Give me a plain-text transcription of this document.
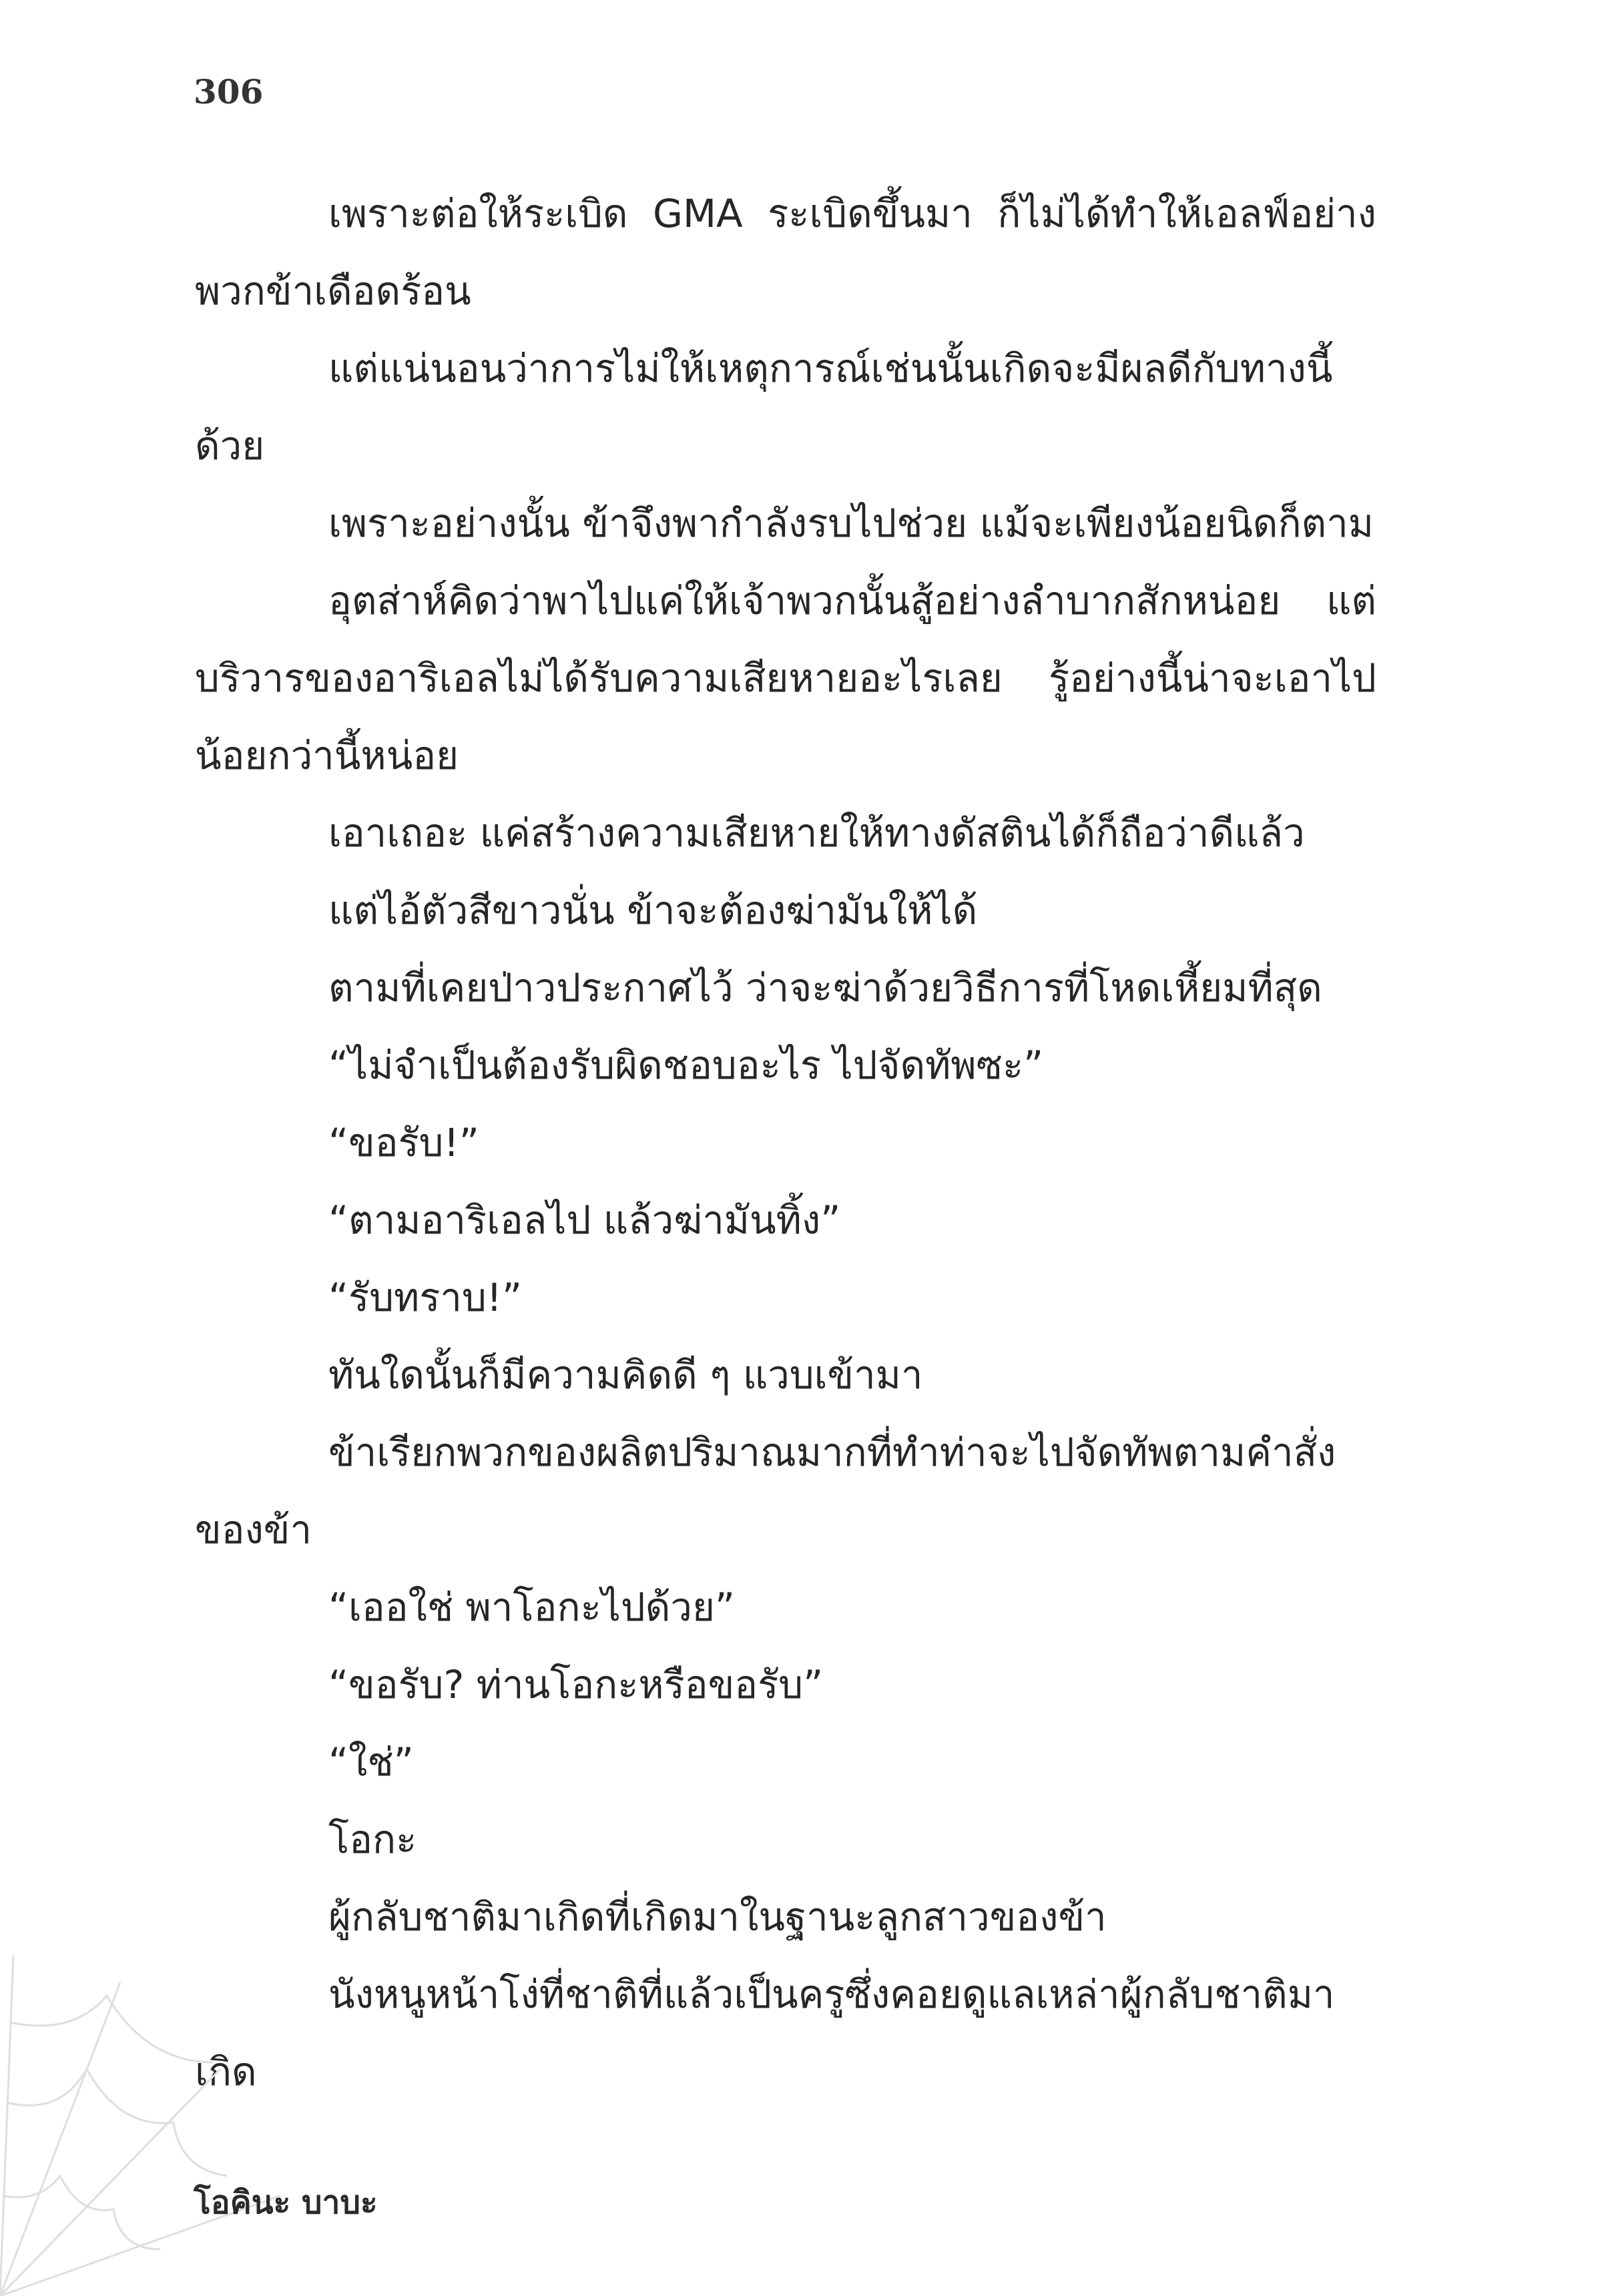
306

เพราะต่อให้ระเบิด GMA ระเบิดขึ้นมา ก็ไม่ได้ทำให้เอลฟ์อย่างพวกข้าเดือดร้อน

แต่แน่นอนว่าการไม่ให้เหตุการณ์เช่นนั้นเกิดจะมีผลดีกับทางนี้ด้วย

เพราะอย่างนั้น ข้าจึงพากำลังรบไปช่วย แม้จะเพียงน้อยนิดก็ตาม

อุตส่าห์คิดว่าพาไปแค่ให้เจ้าพวกนั้นสู้อย่างลำบากสักหน่อย แต่บริวารของอาริเอลไม่ได้รับความเสียหายอะไรเลย รู้อย่างนี้น่าจะเอาไปน้อยกว่านี้หน่อย

เอาเถอะ แค่สร้างความเสียหายให้ทางดัสตินได้ก็ถือว่าดีแล้ว

แต่ไอ้ตัวสีขาวนั่น ข้าจะต้องฆ่ามันให้ได้

ตามที่เคยป่าวประกาศไว้ ว่าจะฆ่าด้วยวิธีการที่โหดเหี้ยมที่สุด

“ไม่จำเป็นต้องรับผิดชอบอะไร ไปจัดทัพซะ”

“ขอรับ!”

“ตามอาริเอลไป แล้วฆ่ามันทิ้ง”

“รับทราบ!”

ทันใดนั้นก็มีความคิดดี ๆ แวบเข้ามา

ข้าเรียกพวกของผลิตปริมาณมากที่ทำท่าจะไปจัดทัพตามคำสั่งของข้า

“เออใช่ พาโอกะไปด้วย”

“ขอรับ? ท่านโอกะหรือขอรับ”

“ใช่”

โอกะ

ผู้กลับชาติมาเกิดที่เกิดมาในฐานะลูกสาวของข้า

นังหนูหน้าโง่ที่ชาติที่แล้วเป็นครูซึ่งคอยดูแลเหล่าผู้กลับชาติมาเกิด

โอคินะ บาบะ
